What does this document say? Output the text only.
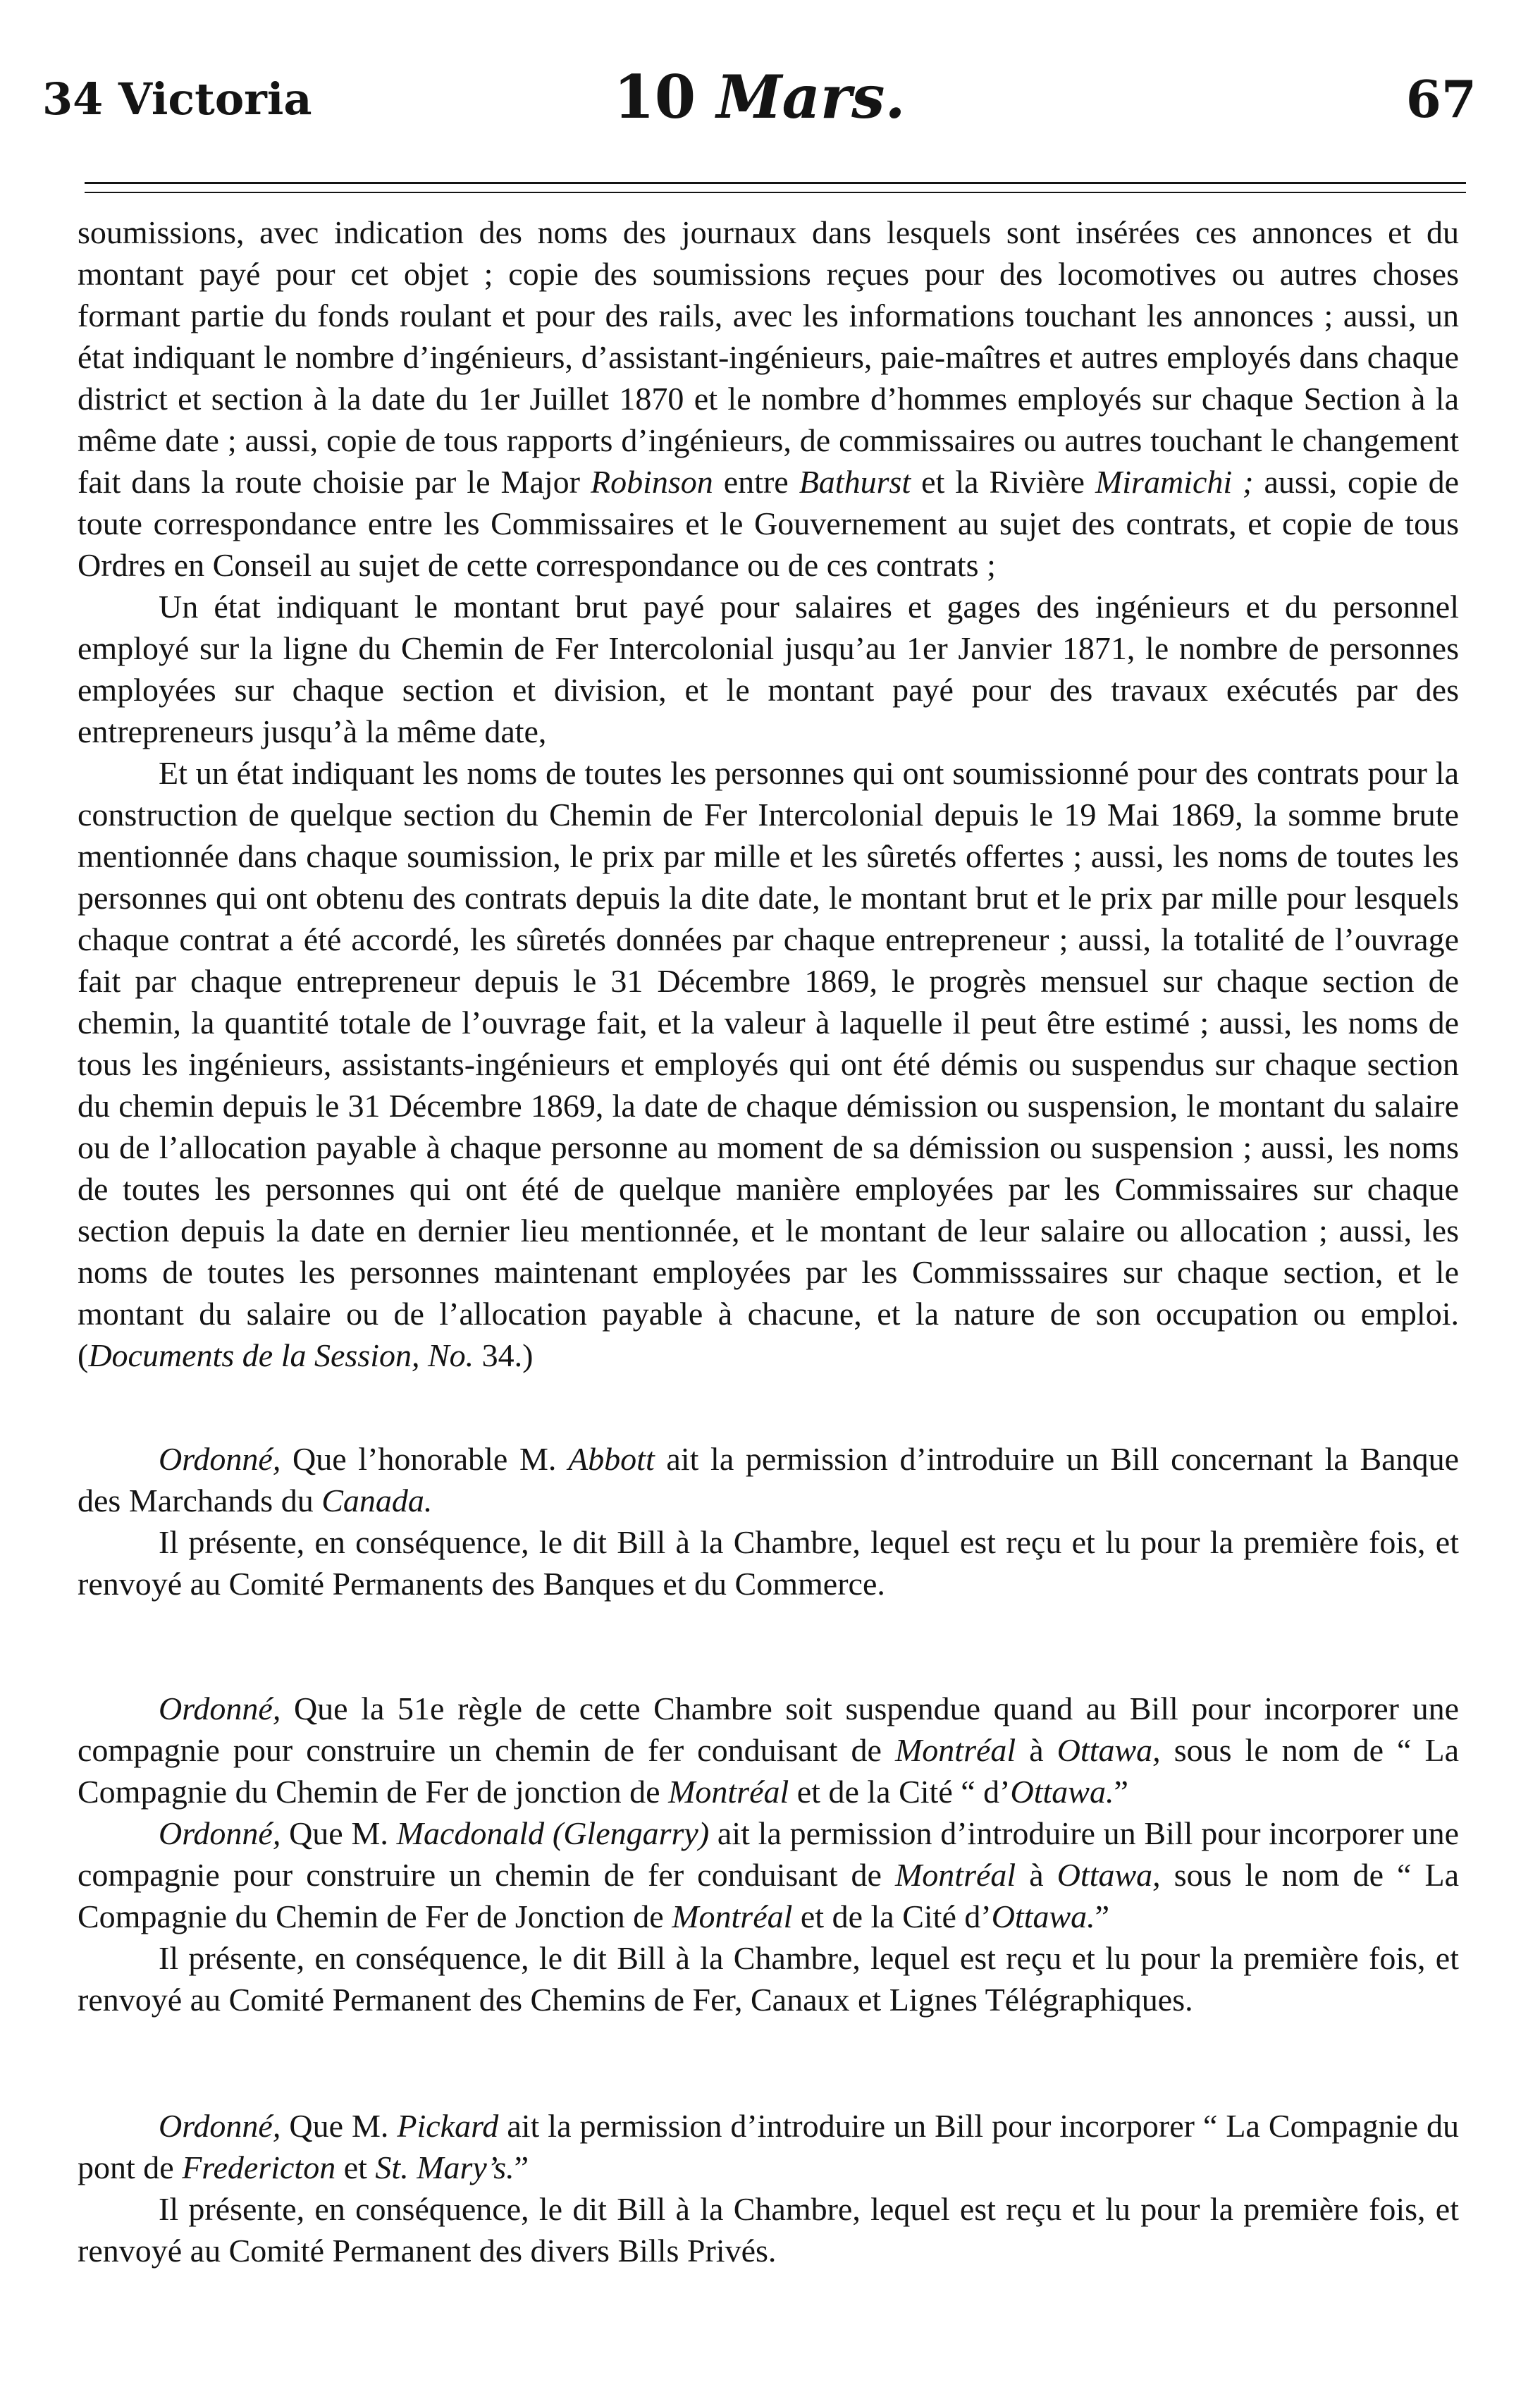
34 Victoria	10 Mars.	67

soumissions, avec indication des noms des journaux dans lesquels sont insérées ces annonces et du montant payé pour cet objet ; copie des soumissions reçues pour des locomotives ou autres choses formant partie du fonds roulant et pour des rails, avec les informations touchant les annonces ; aussi, un état indiquant le nombre d’ingénieurs, d’assistant-ingénieurs, paie-maîtres et autres employés dans chaque district et section à la date du 1er Juillet 1870 et le nombre d’hommes employés sur chaque Section à la même date ; aussi, copie de tous rapports d’ingénieurs, de commissaires ou autres touchant le changement fait dans la route choisie par le Major Robinson entre Bathurst et la Rivière Miramichi ; aussi, copie de toute correspondance entre les Commissaires et le Gouvernement au sujet des contrats, et copie de tous Ordres en Conseil au sujet de cette correspondance ou de ces contrats ;

Un état indiquant le montant brut payé pour salaires et gages des ingénieurs et du personnel employé sur la ligne du Chemin de Fer Intercolonial jusqu’au 1er Janvier 1871, le nombre de personnes employées sur chaque section et division, et le montant payé pour des travaux exécutés par des entrepreneurs jusqu’à la même date,

Et un état indiquant les noms de toutes les personnes qui ont soumissionné pour des contrats pour la construction de quelque section du Chemin de Fer Intercolonial depuis le 19 Mai 1869, la somme brute mentionnée dans chaque soumission, le prix par mille et les sûretés offertes ; aussi, les noms de toutes les personnes qui ont obtenu des contrats depuis la dite date, le montant brut et le prix par mille pour lesquels chaque contrat a été accordé, les sûretés données par chaque entrepreneur ; aussi, la totalité de l’ouvrage fait par chaque entrepreneur depuis le 31 Décembre 1869, le progrès mensuel sur chaque section de chemin, la quantité totale de l’ouvrage fait, et la valeur à laquelle il peut être estimé ; aussi, les noms de tous les ingénieurs, assistants-ingénieurs et employés qui ont été démis ou suspendus sur chaque section du chemin depuis le 31 Décembre 1869, la date de chaque démission ou suspension, le montant du salaire ou de l’allocation payable à chaque personne au moment de sa démission ou suspension ; aussi, les noms de toutes les personnes qui ont été de quelque manière employées par les Commissaires sur chaque section depuis la date en dernier lieu mentionnée, et le montant de leur salaire ou allocation ; aussi, les noms de toutes les personnes maintenant employées par les Commisssaires sur chaque section, et le montant du salaire ou de l’allocation payable à chacune, et la nature de son occupation ou emploi. (Documents de la Session, No. 34.)

Ordonné, Que l’honorable M. Abbott ait la permission d’introduire un Bill concernant la Banque des Marchands du Canada.

Il présente, en conséquence, le dit Bill à la Chambre, lequel est reçu et lu pour la première fois, et renvoyé au Comité Permanents des Banques et du Commerce.

Ordonné, Que la 51e règle de cette Chambre soit suspendue quand au Bill pour incorporer une compagnie pour construire un chemin de fer conduisant de Montréal à Ottawa, sous le nom de “ La Compagnie du Chemin de Fer de jonction de Montréal et de la Cité “ d’Ottawa.”

Ordonné, Que M. Macdonald (Glengarry) ait la permission d’introduire un Bill pour incorporer une compagnie pour construire un chemin de fer conduisant de Montréal à Ottawa, sous le nom de “ La Compagnie du Chemin de Fer de Jonction de Montréal et de la Cité d’Ottawa.”

Il présente, en conséquence, le dit Bill à la Chambre, lequel est reçu et lu pour la première fois, et renvoyé au Comité Permanent des Chemins de Fer, Canaux et Lignes Télégraphiques.

Ordonné, Que M. Pickard ait la permission d’introduire un Bill pour incorporer “ La Compagnie du pont de Fredericton et St. Mary’s.”

Il présente, en conséquence, le dit Bill à la Chambre, lequel est reçu et lu pour la première fois, et renvoyé au Comité Permanent des divers Bills Privés.
